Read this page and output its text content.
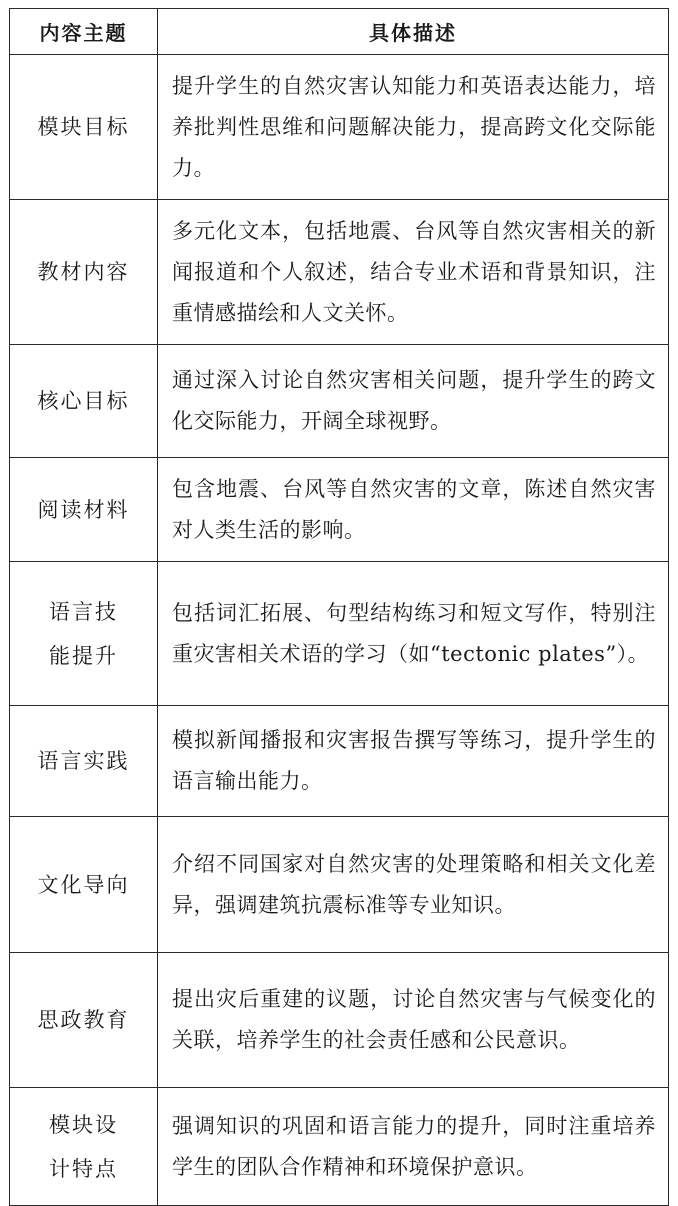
内容主题	具体描述
模块目标	提升学生的自然灾害认知能力和英语表达能力，培养批判性思维和问题解决能力，提高跨文化交际能力。
教材内容	多元化文本，包括地震、台风等自然灾害相关的新闻报道和个人叙述，结合专业术语和背景知识，注重情感描绘和人文关怀。
核心目标	通过深入讨论自然灾害相关问题，提升学生的跨文化交际能力，开阔全球视野。
阅读材料	包含地震、台风等自然灾害的文章，陈述自然灾害对人类生活的影响。
语言技能提升	包括词汇拓展、句型结构练习和短文写作，特别注重灾害相关术语的学习（如“tectonic plates”）。
语言实践	模拟新闻播报和灾害报告撰写等练习，提升学生的语言输出能力。
文化导向	介绍不同国家对自然灾害的处理策略和相关文化差异，强调建筑抗震标准等专业知识。
思政教育	提出灾后重建的议题，讨论自然灾害与气候变化的关联，培养学生的社会责任感和公民意识。
模块设计特点	强调知识的巩固和语言能力的提升，同时注重培养学生的团队合作精神和环境保护意识。
